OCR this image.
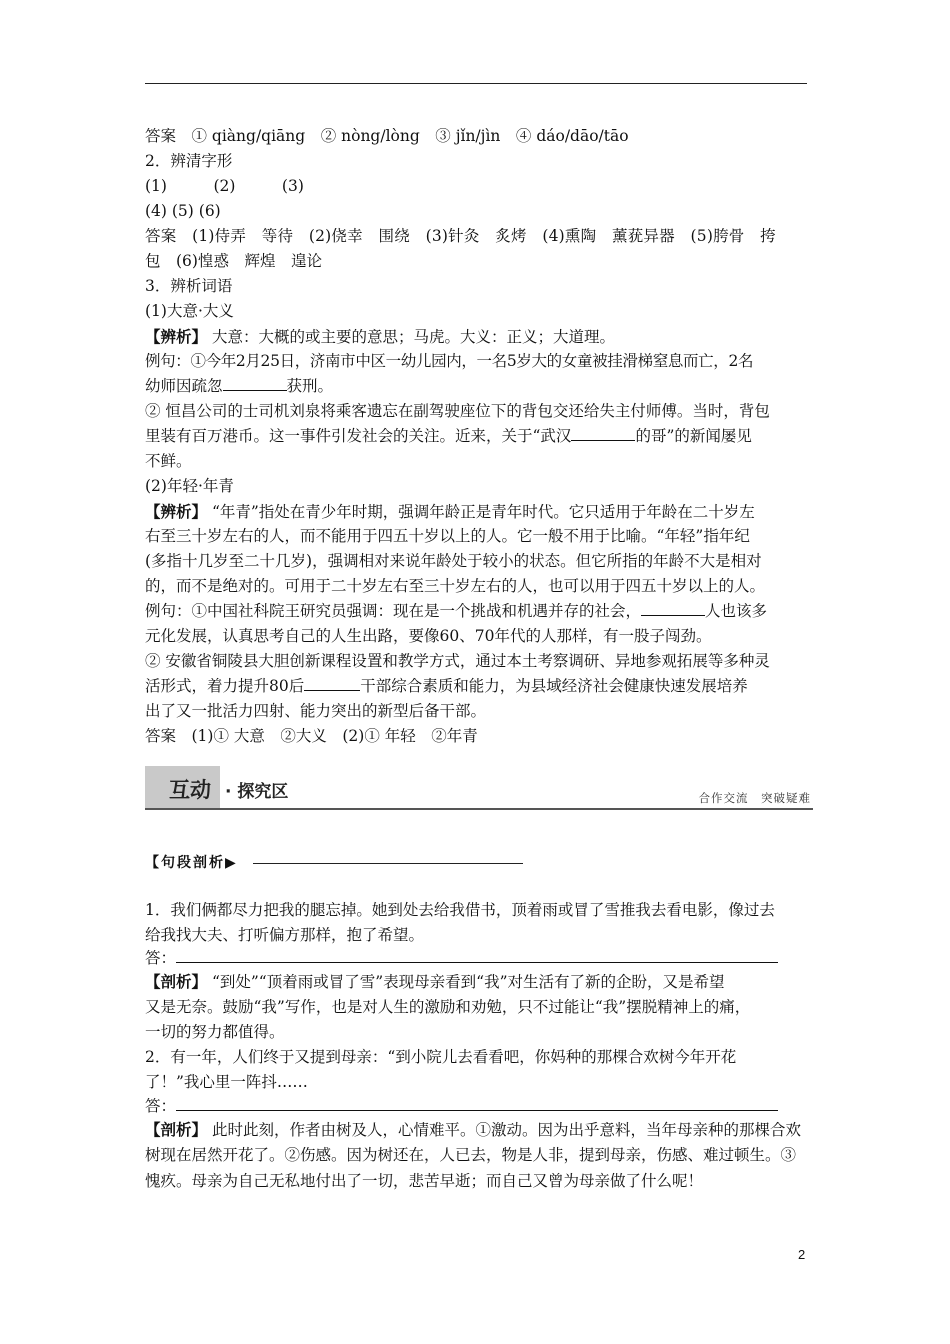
答案　① qiàng/qiāng　② nòng/lòng　③ jǐn/jìn　④ dáo/dāo/tāo
2．辨清字形
(1)　　　(2)　　　(3)
(4) (5) (6)
答案　(1)侍弄　等待　(2)侥幸　围绕　(3)针灸　炙烤　(4)熏陶　薰莸异器　(5)胯骨　挎
包　(6)惶惑　辉煌　遑论
3．辨析词语
(1)大意·大义
【辨析】 大意：大概的或主要的意思；马虎。大义：正义；大道理。
例句：①今年2月25日，济南市中区一幼儿园内，一名5岁大的女童被挂滑梯窒息而亡，2名
幼师因疏忽	获刑。
② 恒昌公司的士司机刘泉将乘客遗忘在副驾驶座位下的背包交还给失主付师傅。当时，背包
里装有百万港币。这一事件引发社会的关注。近来，关于“武汉	的哥”的新闻屡见
不鲜。
(2)年轻·年青
【辨析】 “年青”指处在青少年时期，强调年龄正是青年时代。它只适用于年龄在二十岁左
右至三十岁左右的人，而不能用于四五十岁以上的人。它一般不用于比喻。“年轻”指年纪
(多指十几岁至二十几岁)，强调相对来说年龄处于较小的状态。但它所指的年龄不大是相对
的，而不是绝对的。可用于二十岁左右至三十岁左右的人，也可以用于四五十岁以上的人。
例句：①中国社科院王研究员强调：现在是一个挑战和机遇并存的社会，	人也该多
元化发展，认真思考自己的人生出路，要像60、70年代的人那样，有一股子闯劲。
② 安徽省铜陵县大胆创新课程设置和教学方式，通过本土考察调研、异地参观拓展等多种灵
活形式，着力提升80后	干部综合素质和能力，为县域经济社会健康快速发展培养
出了又一批活力四射、能力突出的新型后备干部。
答案　(1)① 大意　②大义　(2)① 年轻　②年青
互动 · 探究区	合作交流　突破疑难
【句段剖析▶
1．我们俩都尽力把我的腿忘掉。她到处去给我借书，顶着雨或冒了雪推我去看电影，像过去
给我找大夫、打听偏方那样，抱了希望。
答：
【剖析】 “到处”“顶着雨或冒了雪”表现母亲看到“我”对生活有了新的企盼，又是希望
又是无奈。鼓励“我”写作，也是对人生的激励和劝勉，只不过能让“我”摆脱精神上的痛，
一切的努力都值得。
2．有一年，人们终于又提到母亲：“到小院儿去看看吧，你妈种的那棵合欢树今年开花
了！”我心里一阵抖……
答：
【剖析】 此时此刻，作者由树及人，心情难平。①激动。因为出乎意料，当年母亲种的那棵合欢
树现在居然开花了。②伤感。因为树还在，人已去，物是人非，提到母亲，伤感、难过顿生。③
愧疚。母亲为自己无私地付出了一切，悲苦早逝；而自己又曾为母亲做了什么呢！
2
